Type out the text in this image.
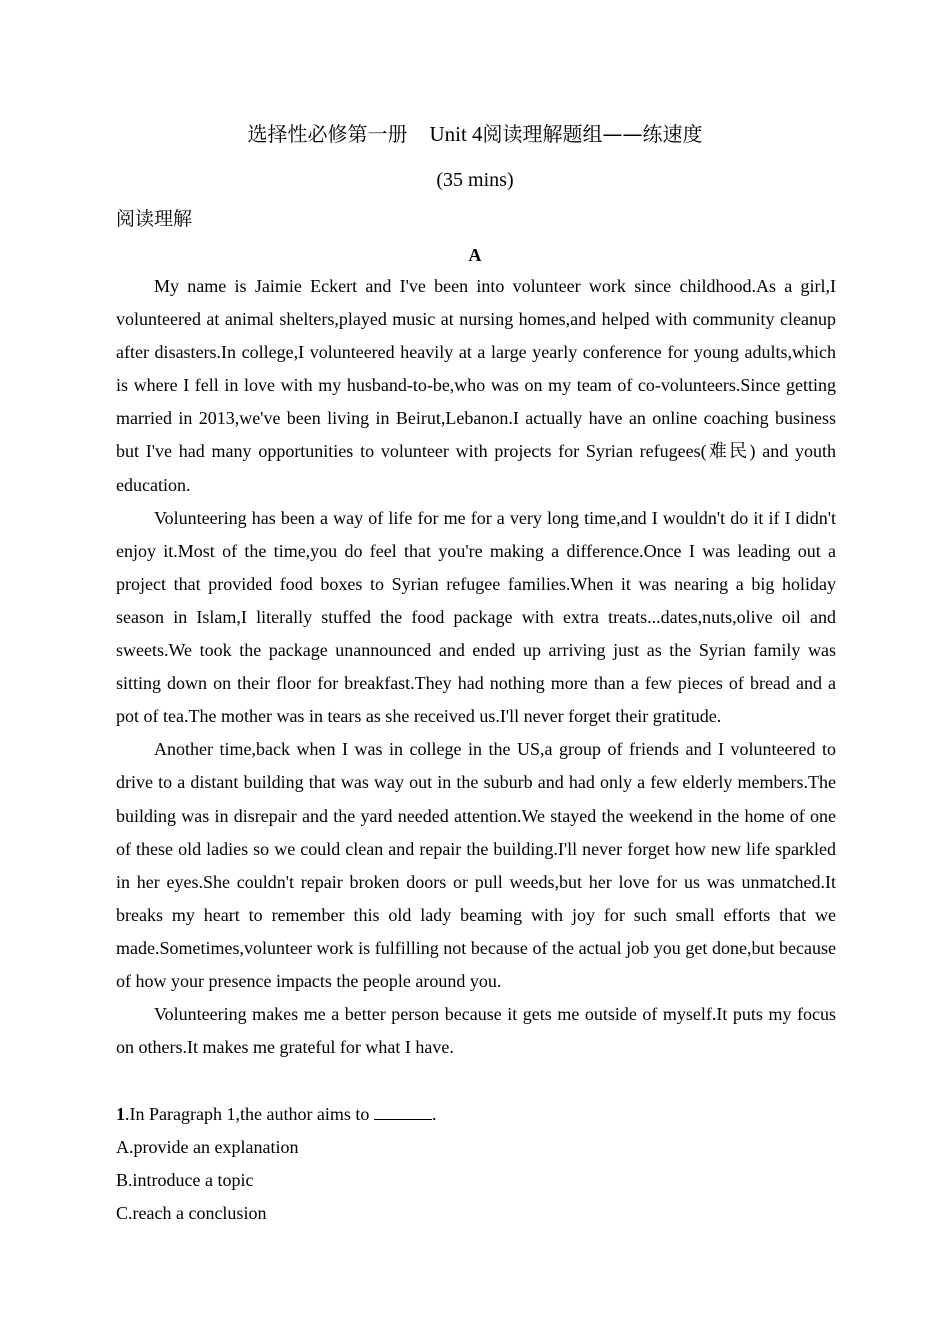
选择性必修第一册 Unit 4阅读理解题组——练速度
(35 mins)
阅读理解
A

My name is Jaimie Eckert and I've been into volunteer work since childhood.As a girl,I volunteered at animal shelters,played music at nursing homes,and helped with community cleanup after disasters.In college,I volunteered heavily at a large yearly conference for young adults,which is where I fell in love with my husband-to-be,who was on my team of co-volunteers.Since getting married in 2013,we've been living in Beirut,Lebanon.I actually have an online coaching business but I've had many opportunities to volunteer with projects for Syrian refugees(难民) and youth education.

Volunteering has been a way of life for me for a very long time,and I wouldn't do it if I didn't enjoy it.Most of the time,you do feel that you're making a difference.Once I was leading out a project that provided food boxes to Syrian refugee families.When it was nearing a big holiday season in Islam,I literally stuffed the food package with extra treats...dates,nuts,olive oil and sweets.We took the package unannounced and ended up arriving just as the Syrian family was sitting down on their floor for breakfast.They had nothing more than a few pieces of bread and a pot of tea.The mother was in tears as she received us.I'll never forget their gratitude.

Another time,back when I was in college in the US,a group of friends and I volunteered to drive to a distant building that was way out in the suburb and had only a few elderly members.The building was in disrepair and the yard needed attention.We stayed the weekend in the home of one of these old ladies so we could clean and repair the building.I'll never forget how new life sparkled in her eyes.She couldn't repair broken doors or pull weeds,but her love for us was unmatched.It breaks my heart to remember this old lady beaming with joy for such small efforts that we made.Sometimes,volunteer work is fulfilling not because of the actual job you get done,but because of how your presence impacts the people around you.

Volunteering makes me a better person because it gets me outside of myself.It puts my focus on others.It makes me grateful for what I have.

1.In Paragraph 1,the author aims to	.
A.provide an explanation
B.introduce a topic
C.reach a conclusion
